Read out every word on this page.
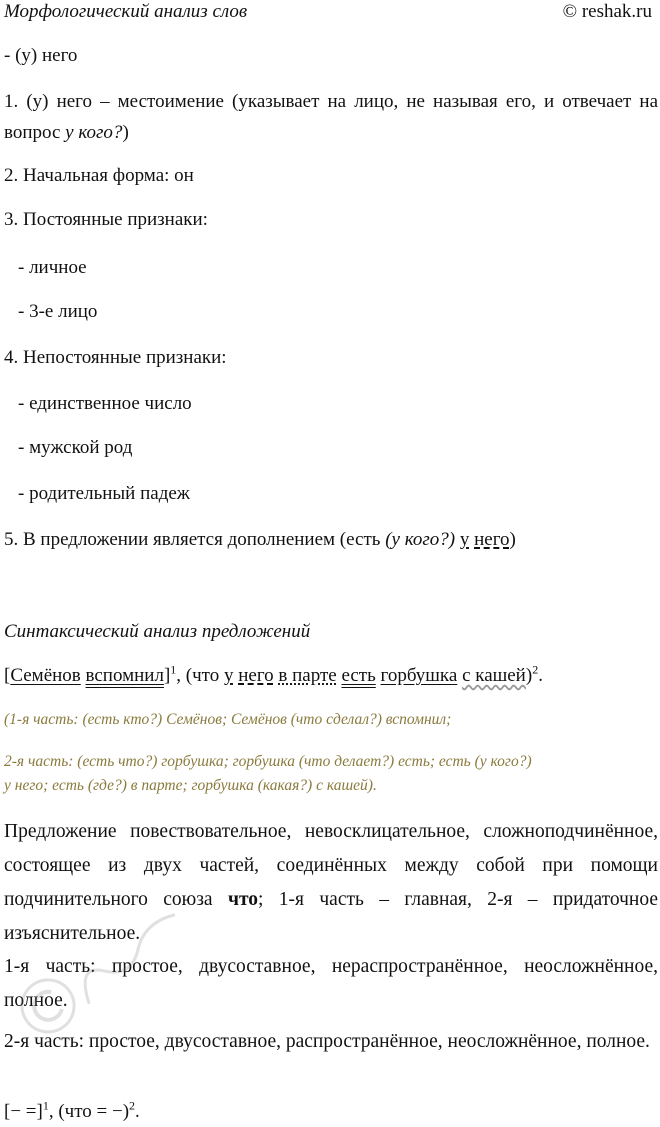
Морфологический анализ слов	© reshak.ru
- (у) него
1. (у) него – местоимение (указывает на лицо, не называя его, и отвечает на вопрос у кого?)
2. Начальная форма: он
3. Постоянные признаки:
- личное
- 3-е лицо
4. Непостоянные признаки:
- единственное число
- мужской род
- родительный падеж
5. В предложении является дополнением (есть (у кого?) у него)
Синтаксический анализ предложений
[Семёнов вспомнил]$^1$, (что у него в парте есть горбушка с кашей)$^2$.
(1-я часть: (есть кто?) Семёнов; Семёнов (что сделал?) вспомнил;
2-я часть: (есть что?) горбушка; горбушка (что делает?) есть; есть (у кого?)
у него; есть (где?) в парте; горбушка (какая?) с кашей).
Предложение повествовательное, невосклицательное, сложноподчинённое, состоящее из двух частей, соединённых между собой при помощи подчинительного союза что; 1-я часть – главная, 2-я – придаточное изъяснительное.
1-я часть: простое, двусоставное, нераспространённое, неосложнённое, полное.
2-я часть: простое, двусоставное, распространённое, неосложнённое, полное.
[− =]$^1$, (что = −)$^2$.
